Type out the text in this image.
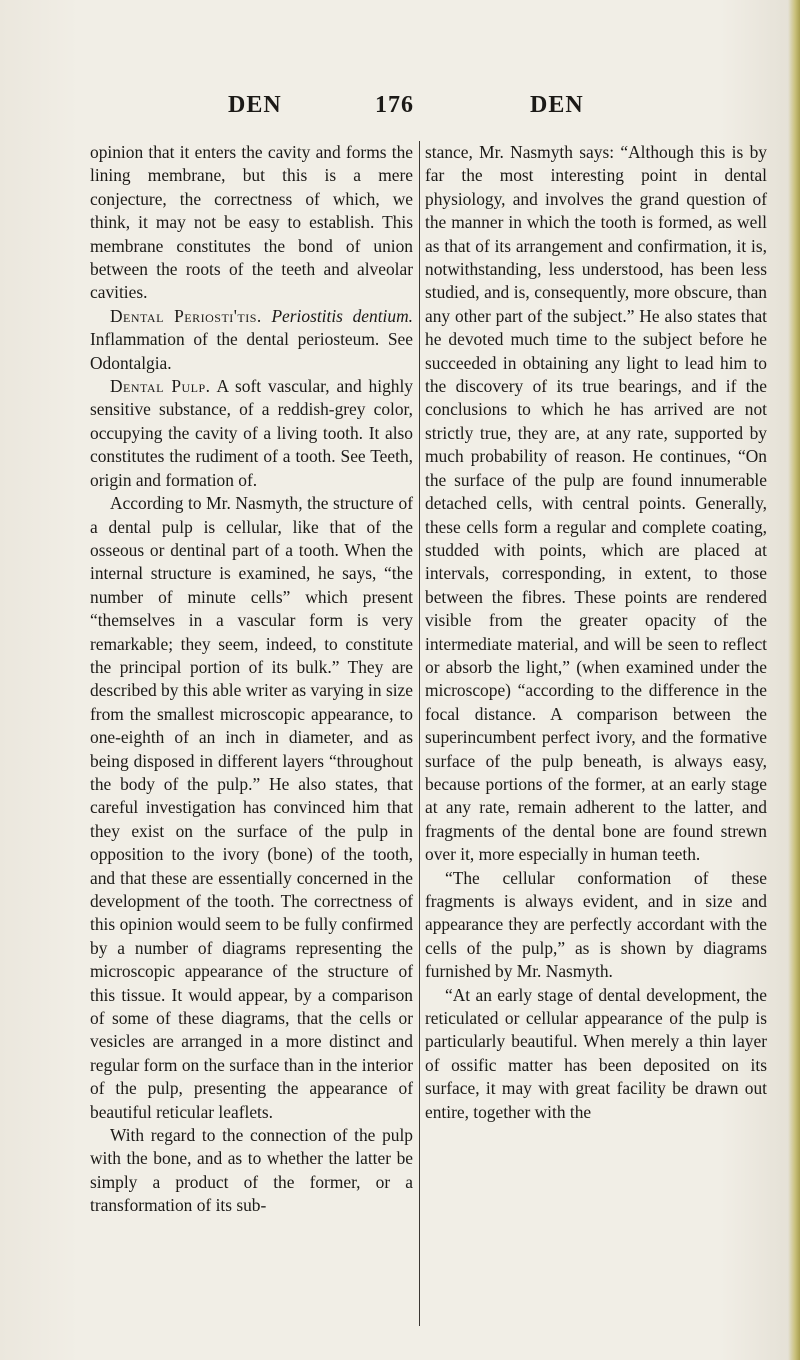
DEN	176	DEN

opinion that it enters the cavity and forms the lining membrane, but this is a mere conjecture, the correctness of which, we think, it may not be easy to establish. This membrane constitutes the bond of union between the roots of the teeth and alveolar cavities.

Dental Periosti'tis. Periostitis dentium. Inflammation of the dental periosteum. See Odontalgia.

Dental Pulp. A soft vascular, and highly sensitive substance, of a reddish-grey color, occupying the cavity of a living tooth. It also constitutes the rudiment of a tooth. See Teeth, origin and formation of.

According to Mr. Nasmyth, the structure of a dental pulp is cellular, like that of the osseous or dentinal part of a tooth. When the internal structure is examined, he says, “the number of minute cells” which present “themselves in a vascular form is very remarkable; they seem, indeed, to constitute the principal portion of its bulk.” They are described by this able writer as varying in size from the smallest microscopic appearance, to one-eighth of an inch in diameter, and as being disposed in different layers “throughout the body of the pulp.” He also states, that careful investigation has convinced him that they exist on the surface of the pulp in opposition to the ivory (bone) of the tooth, and that these are essentially concerned in the development of the tooth. The correctness of this opinion would seem to be fully confirmed by a number of diagrams representing the microscopic appearance of the structure of this tissue. It would appear, by a comparison of some of these diagrams, that the cells or vesicles are arranged in a more distinct and regular form on the surface than in the interior of the pulp, presenting the appearance of beautiful reticular leaflets.

With regard to the connection of the pulp with the bone, and as to whether the latter be simply a product of the former, or a transformation of its sub-

stance, Mr. Nasmyth says: “Although this is by far the most interesting point in dental physiology, and involves the grand question of the manner in which the tooth is formed, as well as that of its arrangement and confirmation, it is, notwithstanding, less understood, has been less studied, and is, consequently, more obscure, than any other part of the subject.” He also states that he devoted much time to the subject before he succeeded in obtaining any light to lead him to the discovery of its true bearings, and if the conclusions to which he has arrived are not strictly true, they are, at any rate, supported by much probability of reason. He continues, “On the surface of the pulp are found innumerable detached cells, with central points. Generally, these cells form a regular and complete coating, studded with points, which are placed at intervals, corresponding, in extent, to those between the fibres. These points are rendered visible from the greater opacity of the intermediate material, and will be seen to reflect or absorb the light,” (when examined under the microscope) “according to the difference in the focal distance. A comparison between the superincumbent perfect ivory, and the formative surface of the pulp beneath, is always easy, because portions of the former, at an early stage at any rate, remain adherent to the latter, and fragments of the dental bone are found strewn over it, more especially in human teeth.

“The cellular conformation of these fragments is always evident, and in size and appearance they are perfectly accordant with the cells of the pulp,” as is shown by diagrams furnished by Mr. Nasmyth.

“At an early stage of dental development, the reticulated or cellular appearance of the pulp is particularly beautiful. When merely a thin layer of ossific matter has been deposited on its surface, it may with great facility be drawn out entire, together with the
